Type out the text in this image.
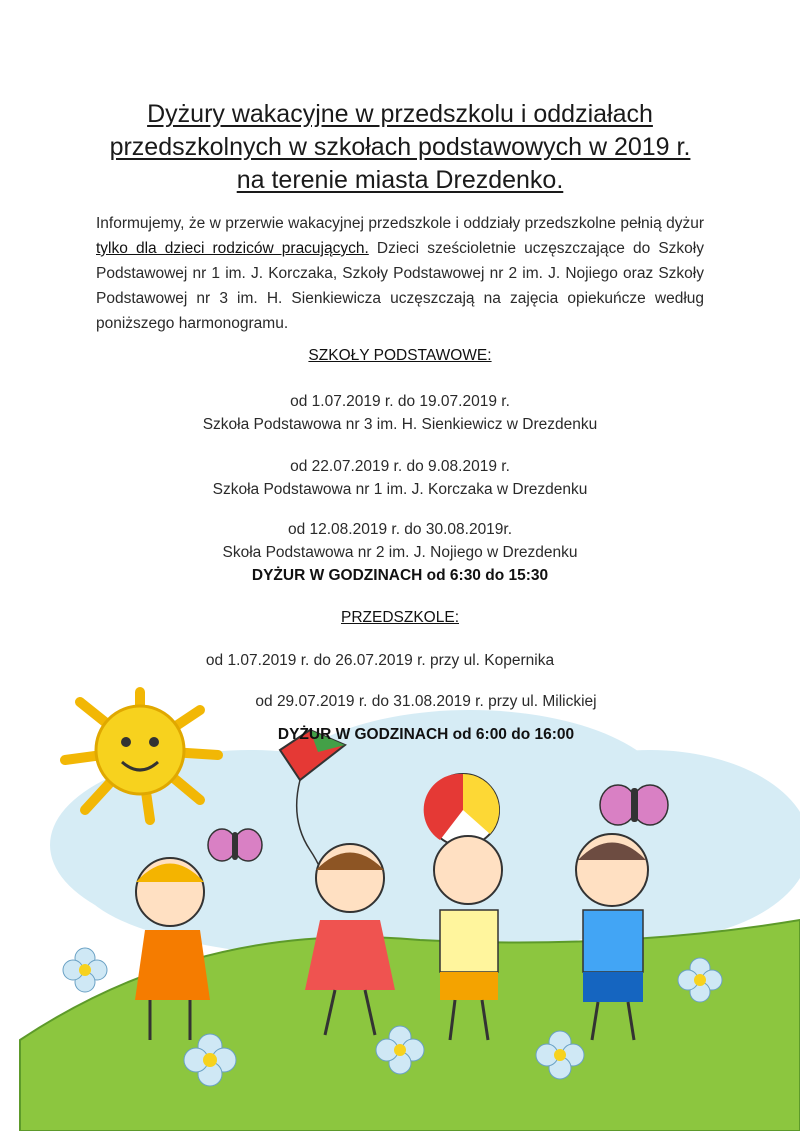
Dyżury wakacyjne w przedszkolu i oddziałach
przedszkolnych w szkołach podstawowych w 2019 r.
na terenie miasta Drezdenko.
Informujemy, że w przerwie wakacyjnej przedszkole i oddziały przedszkolne pełnią dyżur tylko dla dzieci rodziców pracujących. Dzieci sześcioletnie uczęszczające do Szkoły Podstawowej nr 1 im. J. Korczaka, Szkoły Podstawowej nr 2 im. J. Nojiego oraz Szkoły Podstawowej nr 3 im. H. Sienkiewicza uczęszczają na zajęcia opiekuńcze według poniższego harmonogramu.
SZKOŁY PODSTAWOWE:
od 1.07.2019 r. do 19.07.2019 r.
Szkoła Podstawowa nr 3 im. H. Sienkiewicz w Drezdenku
od 22.07.2019 r. do 9.08.2019 r.
Szkoła Podstawowa nr 1 im. J. Korczaka w Drezdenku
od 12.08.2019 r. do 30.08.2019r.
Skoła Podstawowa nr 2 im. J. Nojiego w Drezdenku
DYŻUR W GODZINACH od 6:30 do 15:30
PRZEDSZKOLE:
od 1.07.2019 r. do 26.07.2019 r. przy ul. Kopernika
od 29.07.2019 r. do 31.08.2019 r. przy ul. Milickiej
DYŻUR W GODZINACH od 6:00 do 16:00
